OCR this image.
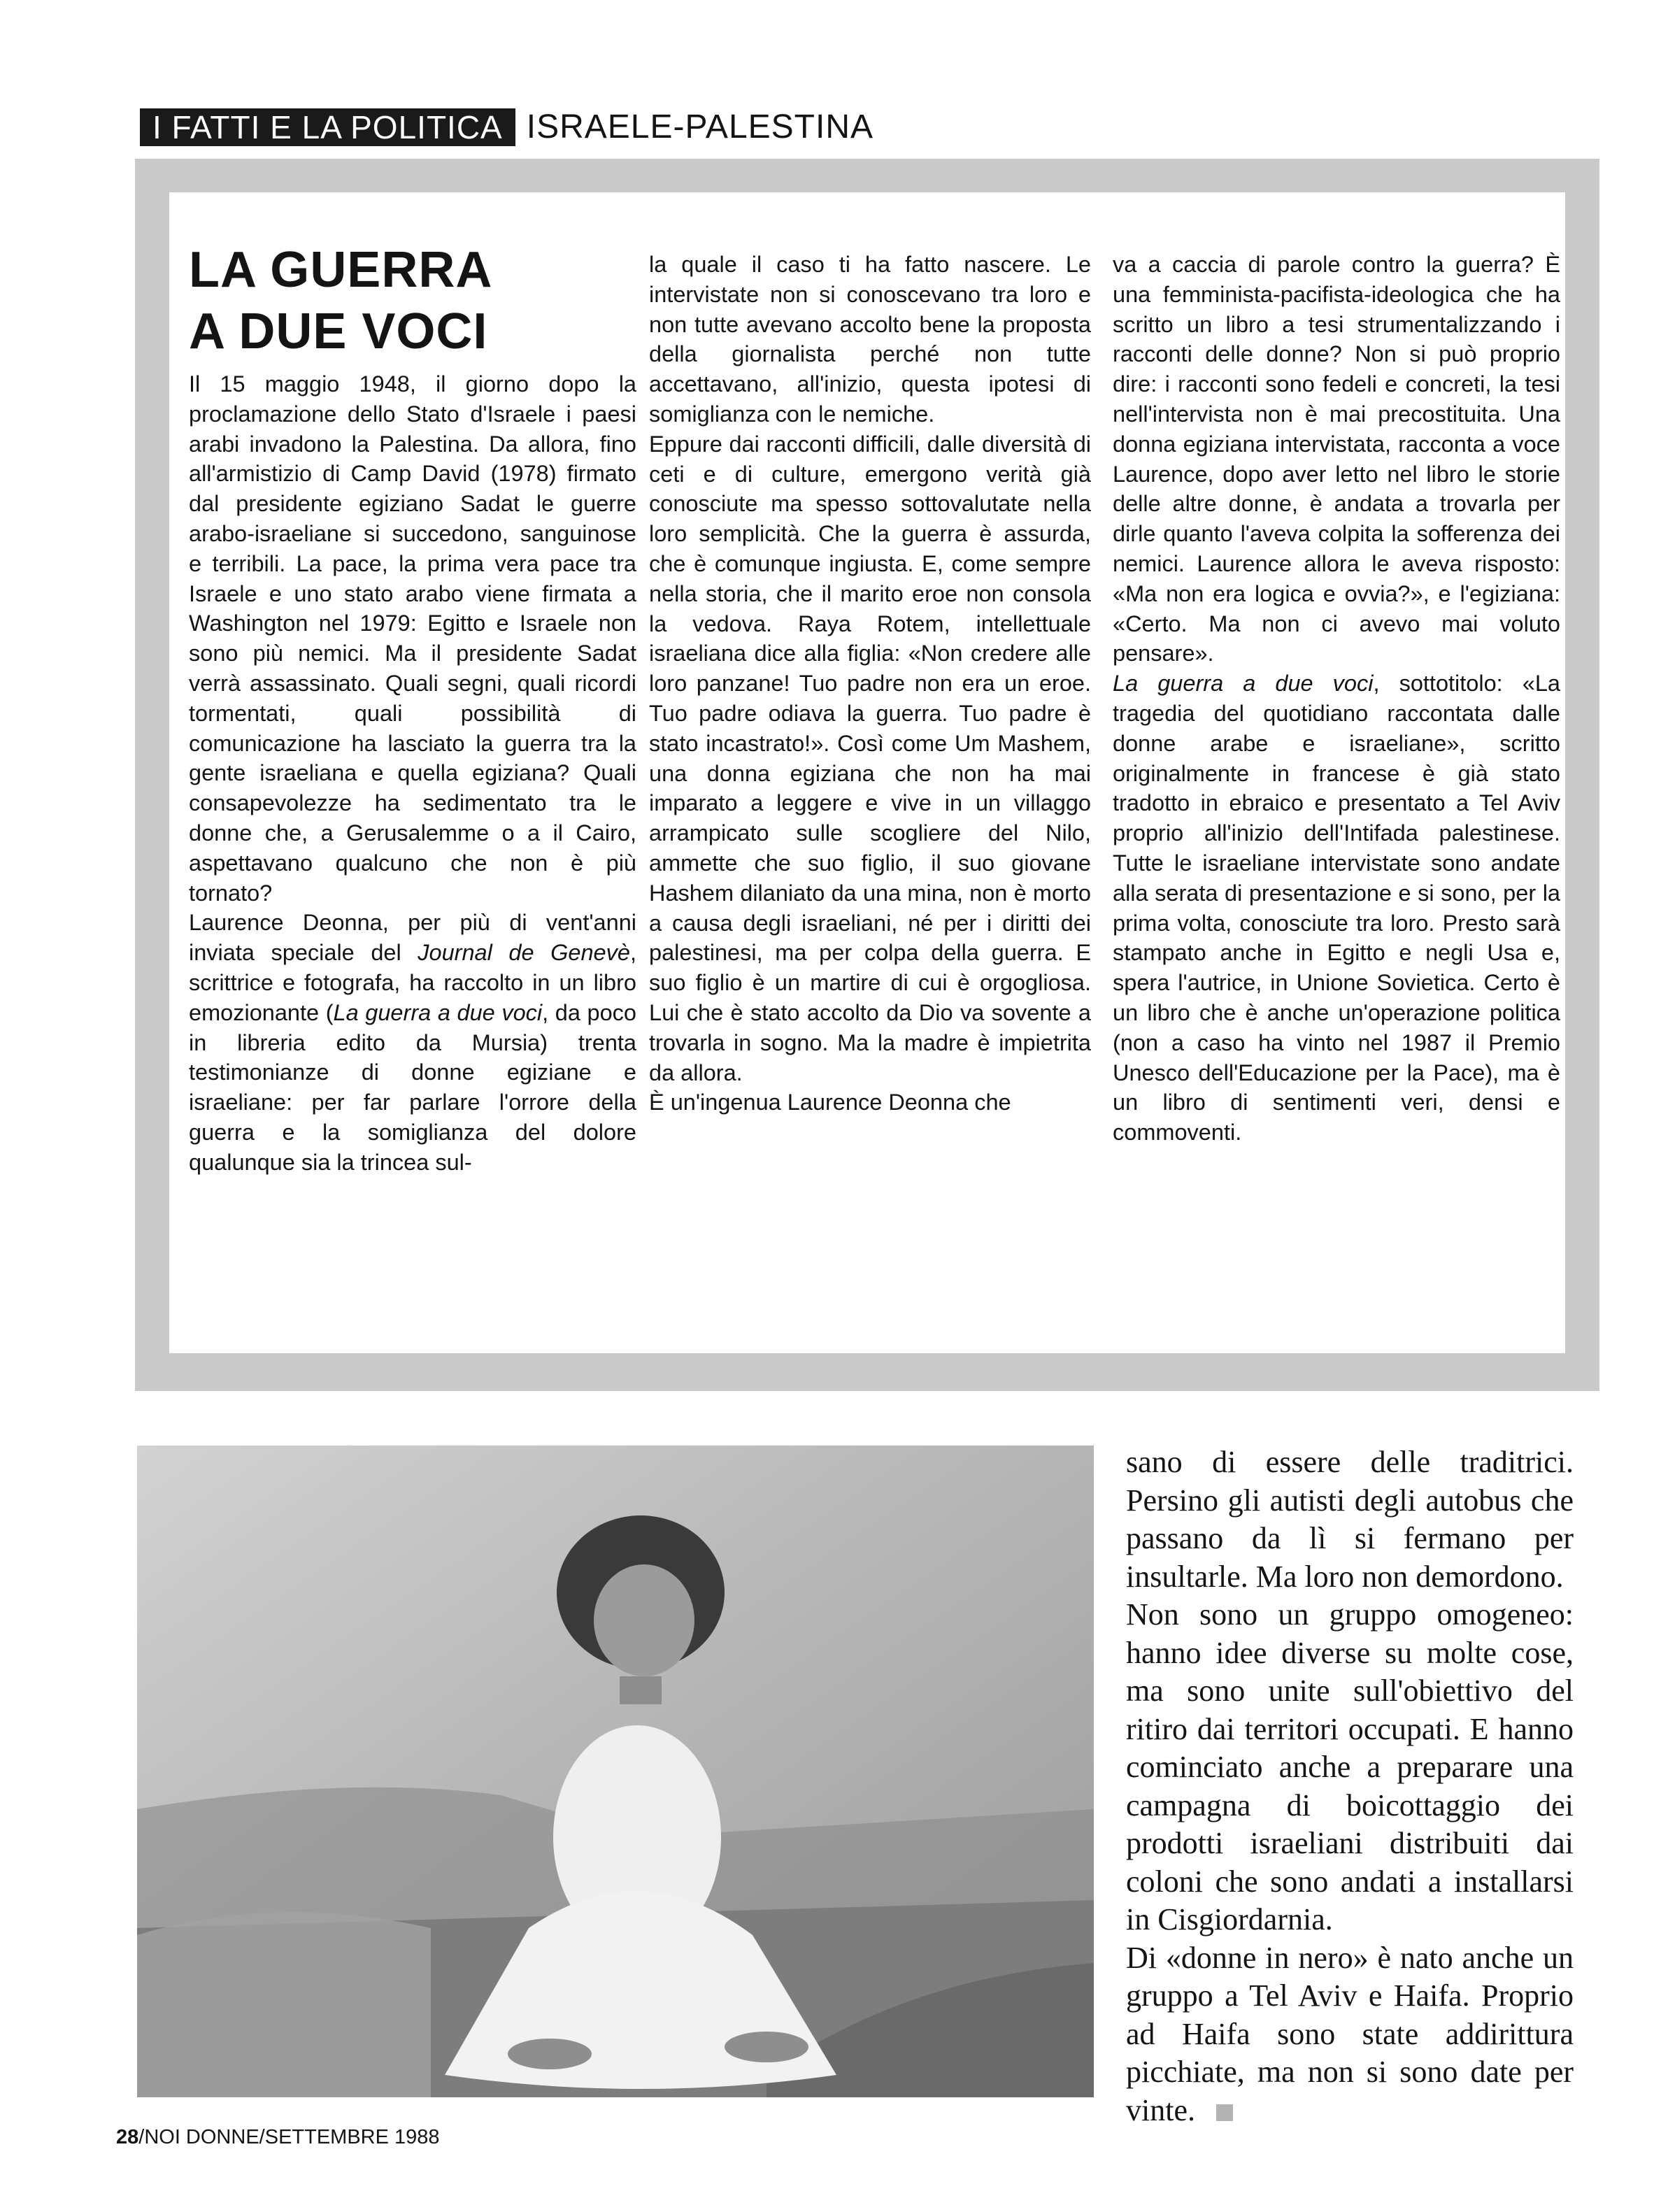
I FATTI E LA POLITICA ISRAELE-PALESTINA
LA GUERRA
A DUE VOCI

Il 15 maggio 1948, il giorno dopo la proclamazione dello Stato d'Israele i paesi arabi invadono la Palestina. Da allora, fino all'armistizio di Camp David (1978) firmato dal presidente egiziano Sadat le guerre arabo-israeliane si succedono, sanguinose e terribili. La pace, la prima vera pace tra Israele e uno stato arabo viene firmata a Washington nel 1979: Egitto e Israele non sono più nemici. Ma il presidente Sadat verrà assassinato. Quali segni, quali ricordi tormentati, quali possibilità di comunicazione ha lasciato la guerra tra la gente israeliana e quella egiziana? Quali consapevolezze ha sedimentato tra le donne che, a Gerusalemme o a il Cairo, aspettavano qualcuno che non è più tornato?

Laurence Deonna, per più di vent'anni inviata speciale del Journal de Genevè, scrittrice e fotografa, ha raccolto in un libro emozionante (La guerra a due voci, da poco in libreria edito da Mursia) trenta testimonianze di donne egiziane e israeliane: per far parlare l'orrore della guerra e la somiglianza del dolore qualunque sia la trincea sul-

la quale il caso ti ha fatto nascere. Le intervistate non si conoscevano tra loro e non tutte avevano accolto bene la proposta della giornalista perché non tutte accettavano, all'inizio, questa ipotesi di somiglianza con le nemiche.

Eppure dai racconti difficili, dalle diversità di ceti e di culture, emergono verità già conosciute ma spesso sottovalutate nella loro semplicità. Che la guerra è assurda, che è comunque ingiusta. E, come sempre nella storia, che il marito eroe non consola la vedova. Raya Rotem, intellettuale israeliana dice alla figlia: «Non credere alle loro panzane! Tuo padre non era un eroe. Tuo padre odiava la guerra. Tuo padre è stato incastrato!». Così come Um Mashem, una donna egiziana che non ha mai imparato a leggere e vive in un villaggo arrampicato sulle scogliere del Nilo, ammette che suo figlio, il suo giovane Hashem dilaniato da una mina, non è morto a causa degli israeliani, né per i diritti dei palestinesi, ma per colpa della guerra. E suo figlio è un martire di cui è orgogliosa. Lui che è stato accolto da Dio va sovente a trovarla in sogno. Ma la madre è impietrita da allora.

È un'ingenua Laurence Deonna che

va a caccia di parole contro la guerra? È una femminista-pacifista-ideologica che ha scritto un libro a tesi strumentalizzando i racconti delle donne? Non si può proprio dire: i racconti sono fedeli e concreti, la tesi nell'intervista non è mai precostituita. Una donna egiziana intervistata, racconta a voce Laurence, dopo aver letto nel libro le storie delle altre donne, è andata a trovarla per dirle quanto l'aveva colpita la sofferenza dei nemici. Laurence allora le aveva risposto: «Ma non era logica e ovvia?», e l'egiziana: «Certo. Ma non ci avevo mai voluto pensare».

La guerra a due voci, sottotitolo: «La tragedia del quotidiano raccontata dalle donne arabe e israeliane», scritto originalmente in francese è già stato tradotto in ebraico e presentato a Tel Aviv proprio all'inizio dell'Intifada palestinese. Tutte le israeliane intervistate sono andate alla serata di presentazione e si sono, per la prima volta, conosciute tra loro. Presto sarà stampato anche in Egitto e negli Usa e, spera l'autrice, in Unione Sovietica. Certo è un libro che è anche un'operazione politica (non a caso ha vinto nel 1987 il Premio Unesco dell'Educazione per la Pace), ma è un libro di sentimenti veri, densi e commoventi.

sano di essere delle traditrici. Persino gli autisti degli autobus che passano da lì si fermano per insultarle. Ma loro non demordono.

Non sono un gruppo omogeneo: hanno idee diverse su molte cose, ma sono unite sull'obiettivo del ritiro dai territori occupati. E hanno cominciato anche a preparare una campagna di boicottaggio dei prodotti israeliani distribuiti dai coloni che sono andati a installarsi in Cisgiordarnia.

Di «donne in nero» è nato anche un gruppo a Tel Aviv e Haifa. Proprio ad Haifa sono state addirittura picchiate, ma non si sono date per vinte.

28/NOI DONNE/SETTEMBRE 1988
